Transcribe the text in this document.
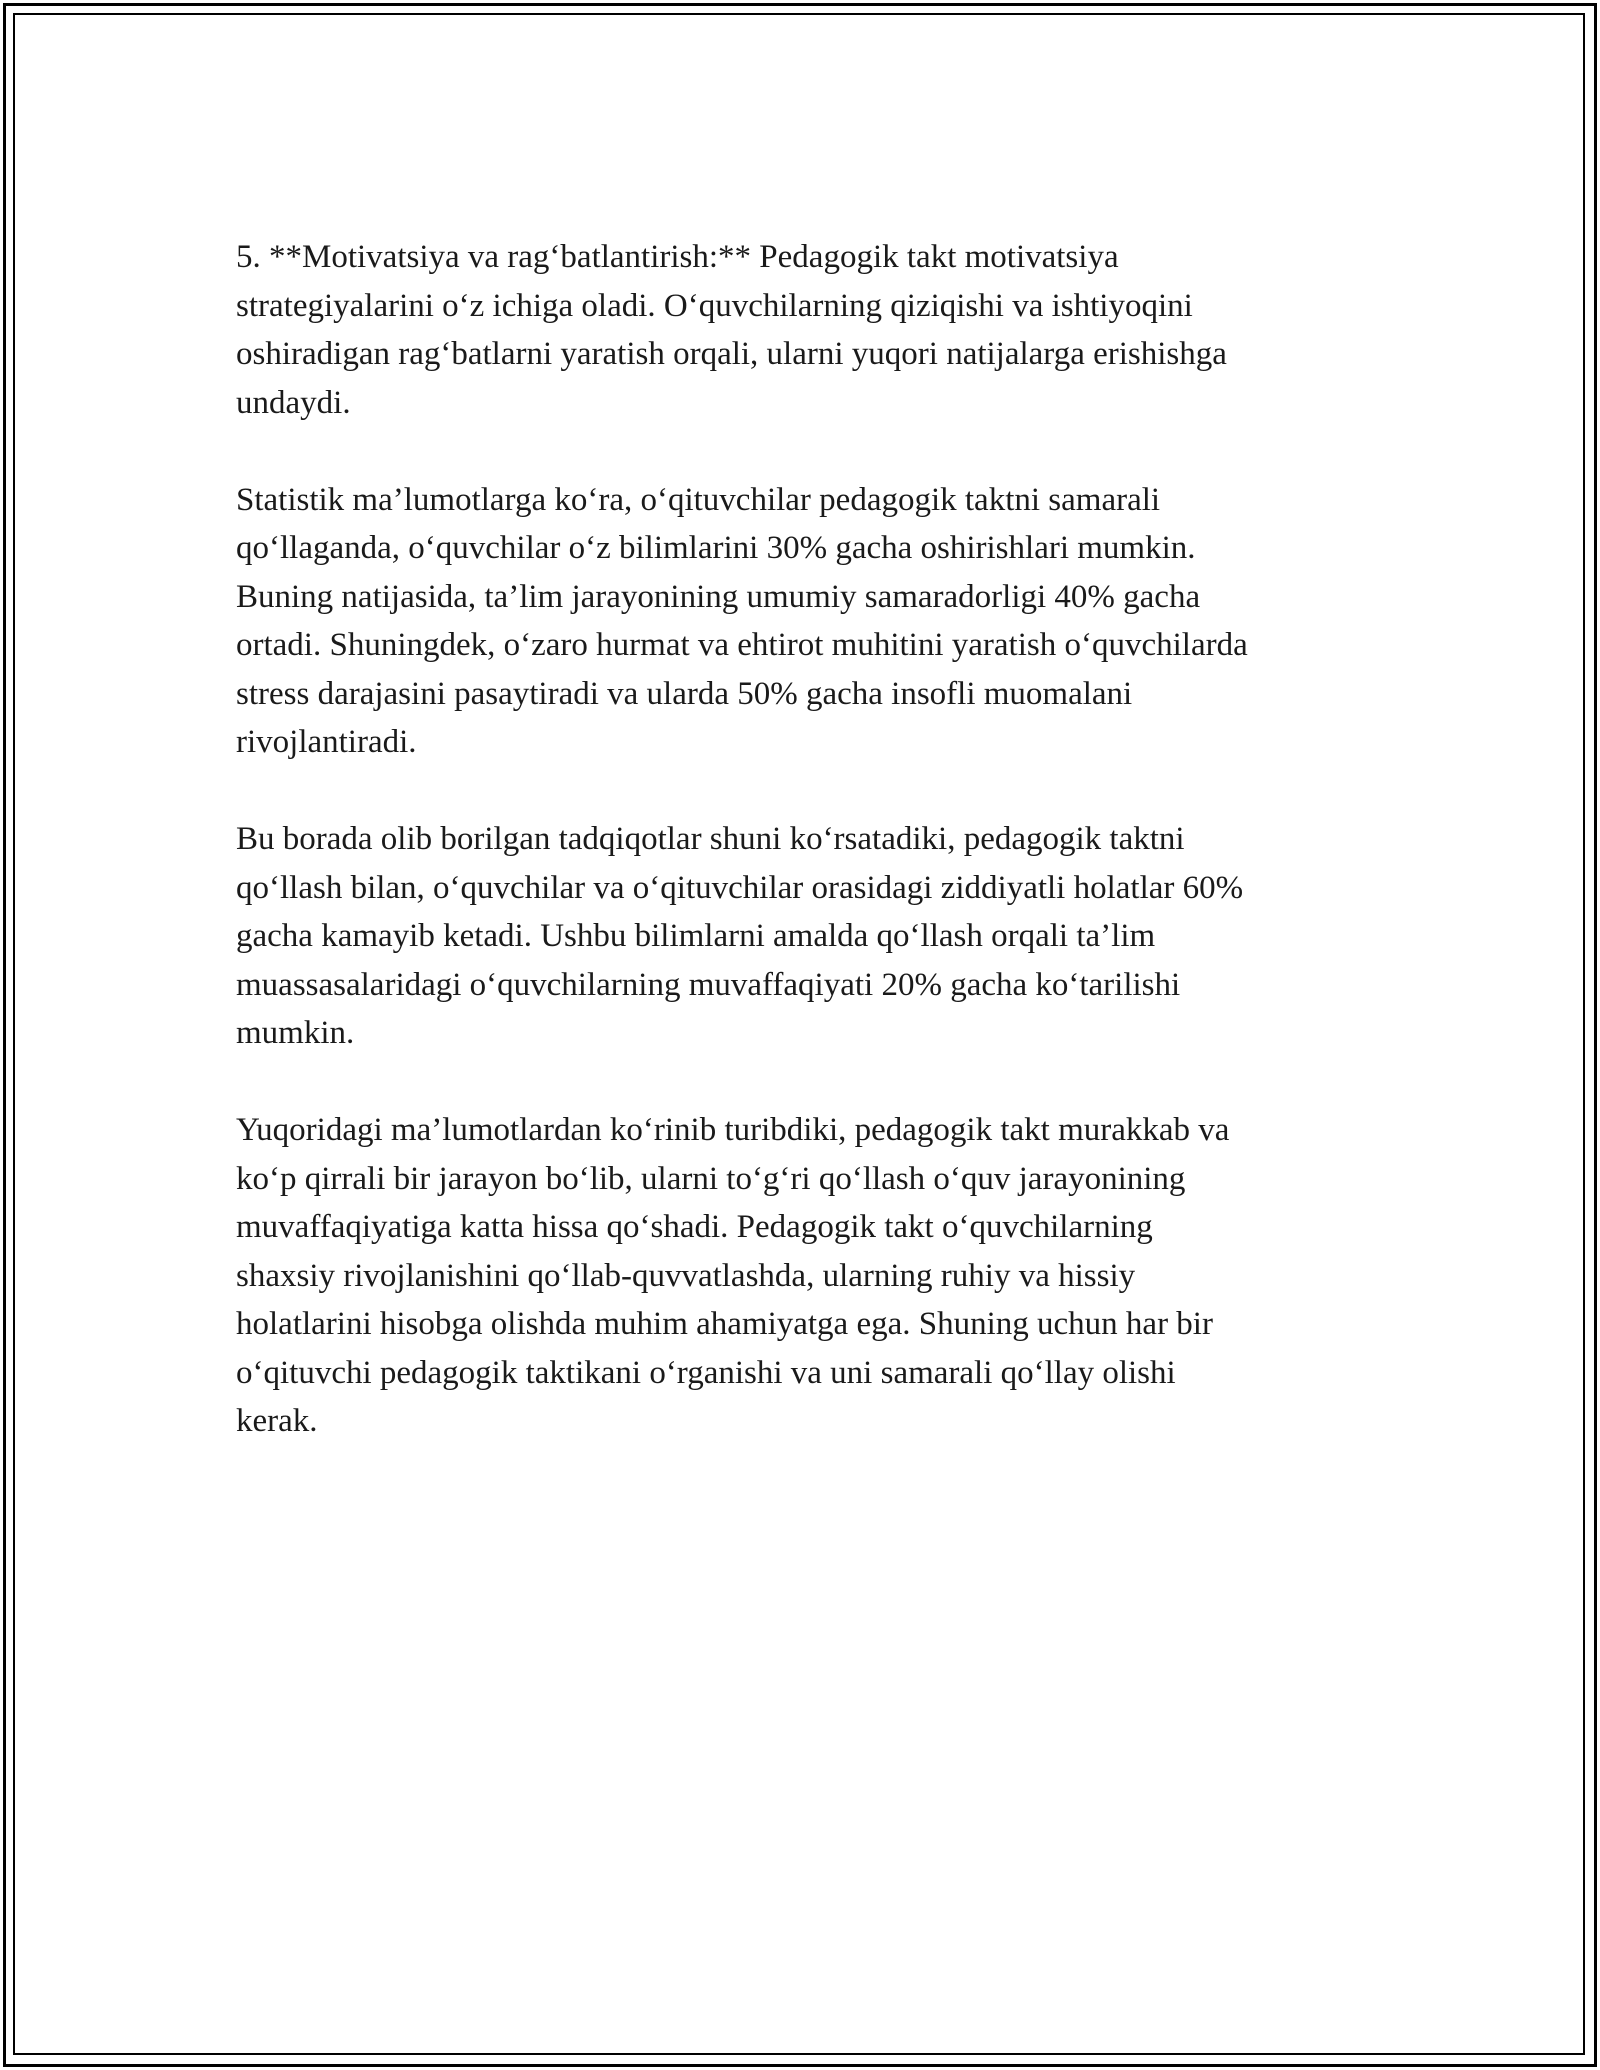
5. **Motivatsiya va rag‘batlantirish:** Pedagogik takt motivatsiya
strategiyalarini o‘z ichiga oladi. O‘quvchilarning qiziqishi va ishtiyoqini
oshiradigan rag‘batlarni yaratish orqali, ularni yuqori natijalarga erishishga
undaydi.

Statistik ma’lumotlarga ko‘ra, o‘qituvchilar pedagogik taktni samarali
qo‘llaganda, o‘quvchilar o‘z bilimlarini 30% gacha oshirishlari mumkin.
Buning natijasida, ta’lim jarayonining umumiy samaradorligi 40% gacha
ortadi. Shuningdek, o‘zaro hurmat va ehtirot muhitini yaratish o‘quvchilarda
stress darajasini pasaytiradi va ularda 50% gacha insofli muomalani
rivojlantiradi.

Bu borada olib borilgan tadqiqotlar shuni ko‘rsatadiki, pedagogik taktni
qo‘llash bilan, o‘quvchilar va o‘qituvchilar orasidagi ziddiyatli holatlar 60%
gacha kamayib ketadi. Ushbu bilimlarni amalda qo‘llash orqali ta’lim
muassasalaridagi o‘quvchilarning muvaffaqiyati 20% gacha ko‘tarilishi
mumkin.

Yuqoridagi ma’lumotlardan ko‘rinib turibdiki, pedagogik takt murakkab va
ko‘p qirrali bir jarayon bo‘lib, ularni to‘g‘ri qo‘llash o‘quv jarayonining
muvaffaqiyatiga katta hissa qo‘shadi. Pedagogik takt o‘quvchilarning
shaxsiy rivojlanishini qo‘llab-quvvatlashda, ularning ruhiy va hissiy
holatlarini hisobga olishda muhim ahamiyatga ega. Shuning uchun har bir
o‘qituvchi pedagogik taktikani o‘rganishi va uni samarali qo‘llay olishi
kerak.
